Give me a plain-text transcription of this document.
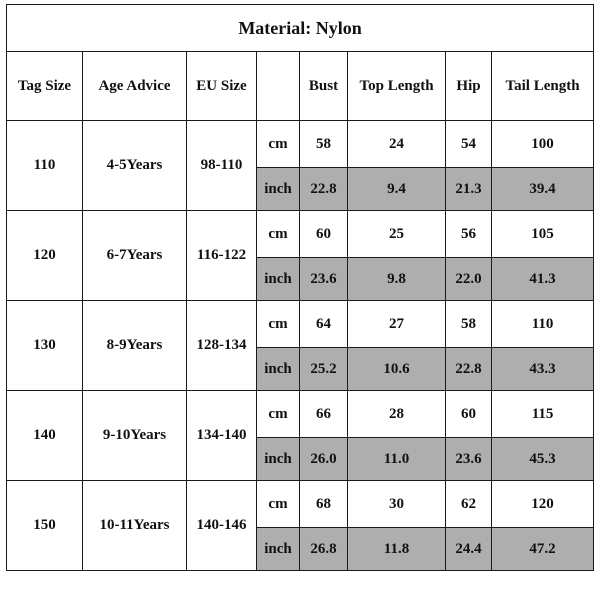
Material: Nylon							
Tag Size	Age Advice	EU Size		Bust	Top Length	Hip	Tail Length
110	4-5Years	98-110	cm	58	24	54	100
			inch	22.8	9.4	21.3	39.4
120	6-7Years	116-122	cm	60	25	56	105
			inch	23.6	9.8	22.0	41.3
130	8-9Years	128-134	cm	64	27	58	110
			inch	25.2	10.6	22.8	43.3
140	9-10Years	134-140	cm	66	28	60	115
			inch	26.0	11.0	23.6	45.3
150	10-11Years	140-146	cm	68	30	62	120
			inch	26.8	11.8	24.4	47.2
